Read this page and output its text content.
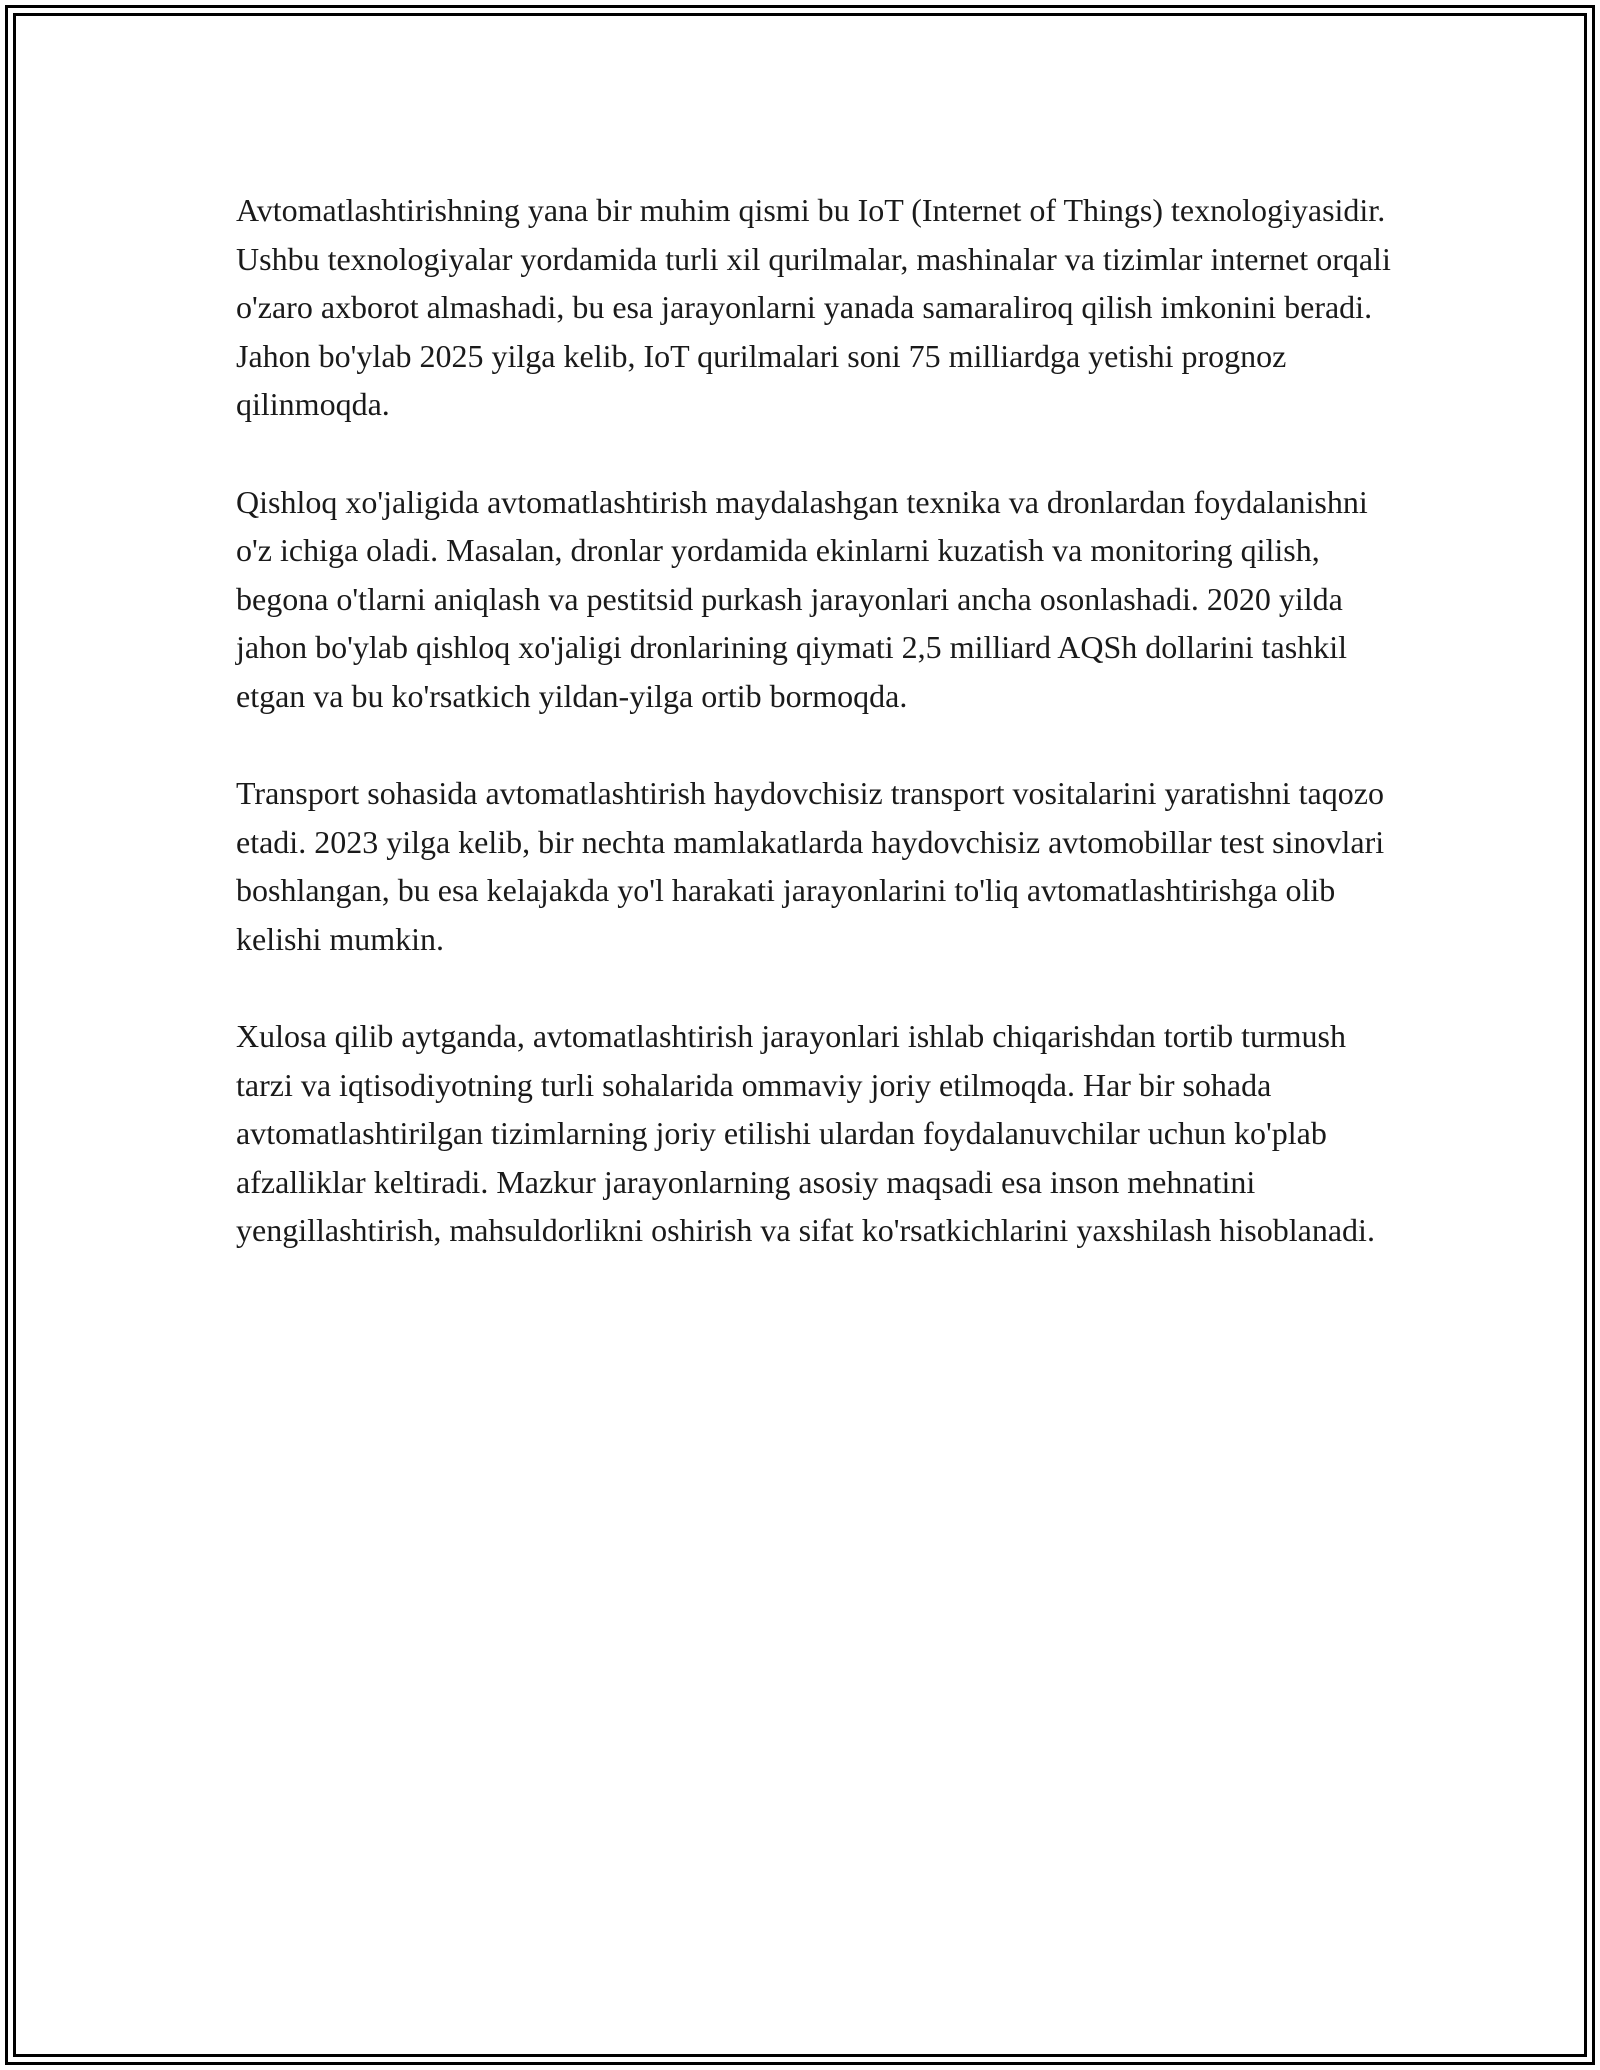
Avtomatlashtirishning yana bir muhim qismi bu IoT (Internet of Things) texnologiyasidir. Ushbu texnologiyalar yordamida turli xil qurilmalar, mashinalar va tizimlar internet orqali o'zaro axborot almashadi, bu esa jarayonlarni yanada samaraliroq qilish imkonini beradi. Jahon bo'ylab 2025 yilga kelib, IoT qurilmalari soni 75 milliardga yetishi prognoz qilinmoqda.

Qishloq xo'jaligida avtomatlashtirish maydalashgan texnika va dronlardan foydalanishni o'z ichiga oladi. Masalan, dronlar yordamida ekinlarni kuzatish va monitoring qilish, begona o'tlarni aniqlash va pestitsid purkash jarayonlari ancha osonlashadi. 2020 yilda jahon bo'ylab qishloq xo'jaligi dronlarining qiymati 2,5 milliard AQSh dollarini tashkil etgan va bu ko'rsatkich yildan-yilga ortib bormoqda.

Transport sohasida avtomatlashtirish haydovchisiz transport vositalarini yaratishni taqozo etadi. 2023 yilga kelib, bir nechta mamlakatlarda haydovchisiz avtomobillar test sinovlari boshlangan, bu esa kelajakda yo'l harakati jarayonlarini to'liq avtomatlashtirishga olib kelishi mumkin.

Xulosa qilib aytganda, avtomatlashtirish jarayonlari ishlab chiqarishdan tortib turmush tarzi va iqtisodiyotning turli sohalarida ommaviy joriy etilmoqda. Har bir sohada avtomatlashtirilgan tizimlarning joriy etilishi ulardan foydalanuvchilar uchun ko'plab afzalliklar keltiradi. Mazkur jarayonlarning asosiy maqsadi esa inson mehnatini yengillashtirish, mahsuldorlikni oshirish va sifat ko'rsatkichlarini yaxshilash hisoblanadi.
